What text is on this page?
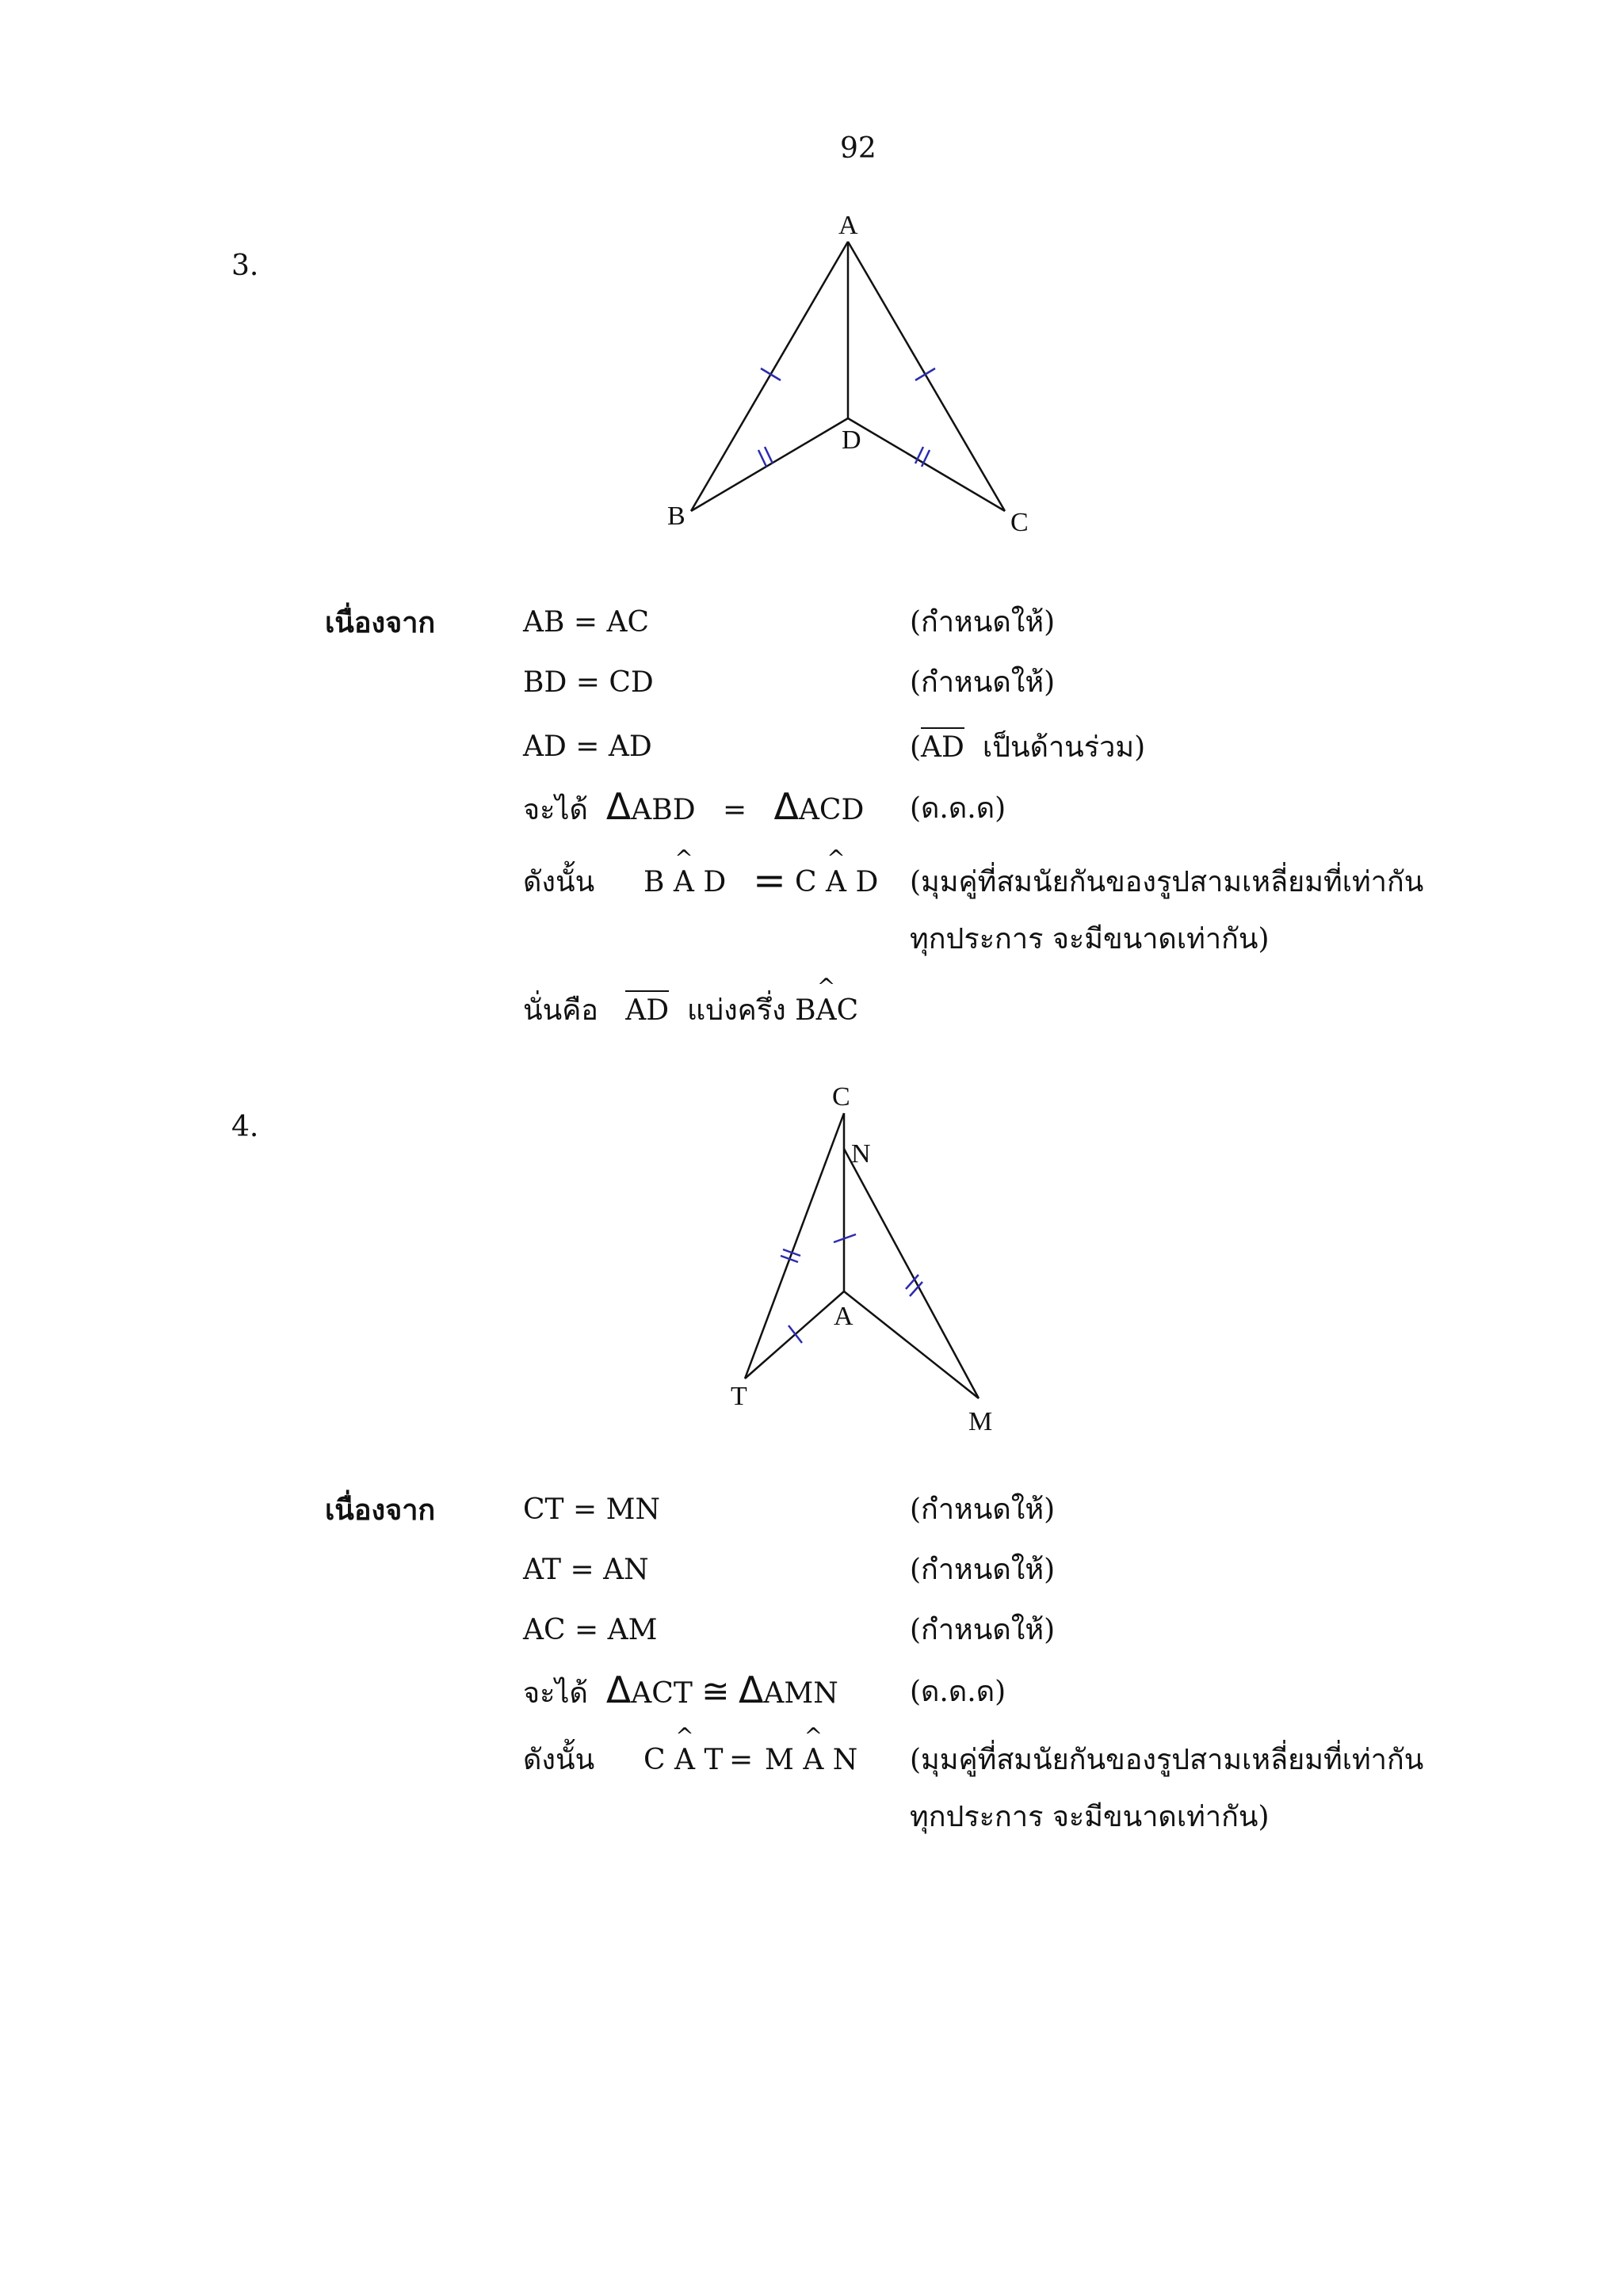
92
3.
A
B	C
D
เนื่องจาก	AB = AC	(กำหนดให้)
BD = CD	(กำหนดให้)
AD = AD	(AD เป็นด้านร่วม)
จะได้ ΔABD = ΔACD (ด.ด.ด)
ดังนั้น B ^ A D = C ^ A D (มุมคู่ที่สมนัยกันของรูปสามเหลี่ยมที่เท่ากัน
ทุกประการ จะมีขนาดเท่ากัน)
นั่นคือ AD แบ่งครึ่ง B^ AC
4.
C
N
A
T
M
เนื่องจาก	CT = MN	(กำหนดให้)
AT = AN	(กำหนดให้)
AC = AM	(กำหนดให้)
จะได้ ΔACT ≅ ΔAMN	(ด.ด.ด)
ดังนั้น C ^ A T = M ^ A N (มุมคู่ที่สมนัยกันของรูปสามเหลี่ยมที่เท่ากัน
ทุกประการ จะมีขนาดเท่ากัน)
